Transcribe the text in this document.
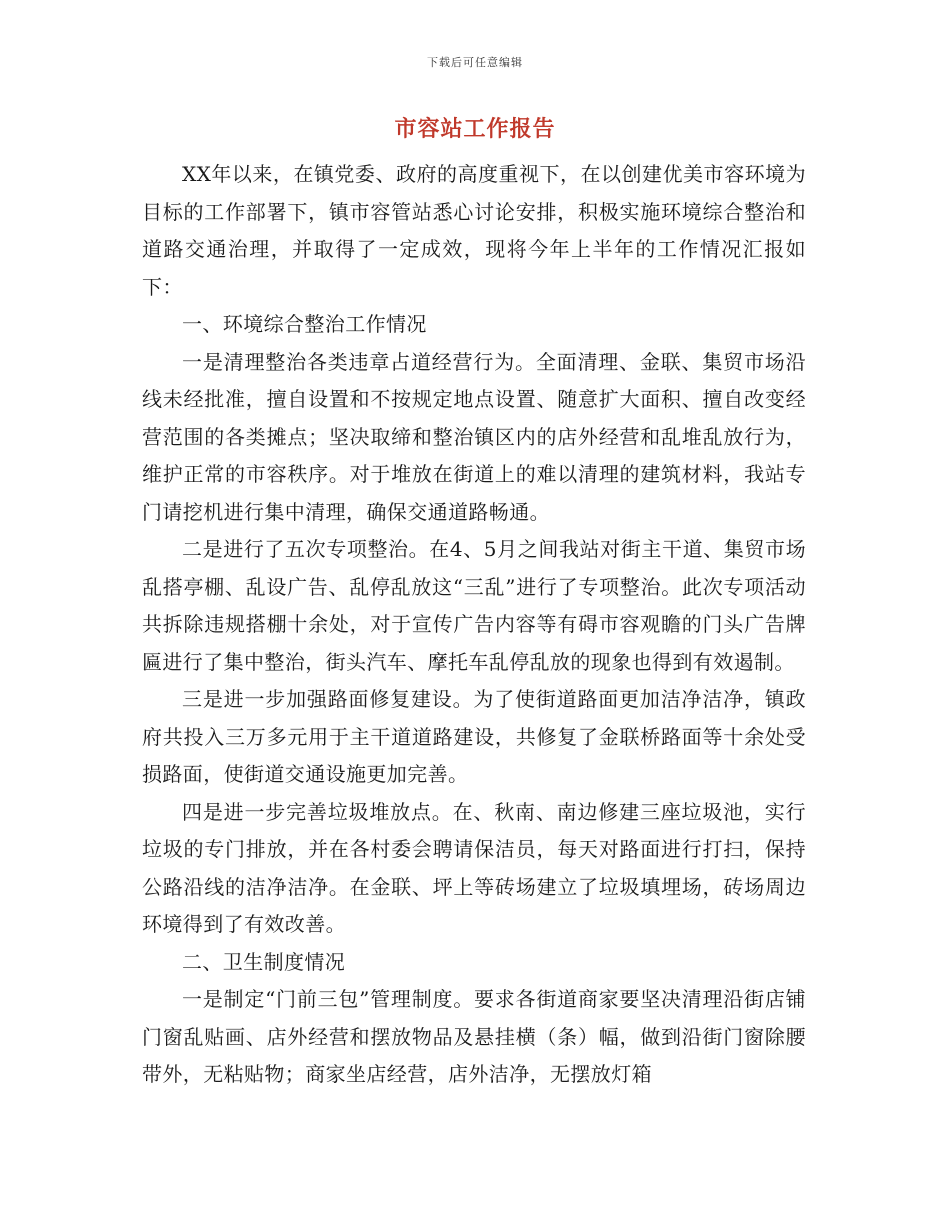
下载后可任意编辑
市容站工作报告

XX年以来，在镇党委、政府的高度重视下，在以创建优美市容环境为目标的工作部署下，镇市容管站悉心讨论安排，积极实施环境综合整治和道路交通治理，并取得了一定成效，现将今年上半年的工作情况汇报如下：

一、环境综合整治工作情况

一是清理整治各类违章占道经营行为。全面清理、金联、集贸市场沿线未经批准，擅自设置和不按规定地点设置、随意扩大面积、擅自改变经营范围的各类摊点；坚决取缔和整治镇区内的店外经营和乱堆乱放行为，维护正常的市容秩序。对于堆放在街道上的难以清理的建筑材料，我站专门请挖机进行集中清理，确保交通道路畅通。

二是进行了五次专项整治。在4、5月之间我站对街主干道、集贸市场乱搭亭棚、乱设广告、乱停乱放这“三乱”进行了专项整治。此次专项活动共拆除违规搭棚十余处，对于宣传广告内容等有碍市容观瞻的门头广告牌匾进行了集中整治，街头汽车、摩托车乱停乱放的现象也得到有效遏制。

三是进一步加强路面修复建设。为了使街道路面更加洁净洁净，镇政府共投入三万多元用于主干道道路建设，共修复了金联桥路面等十余处受损路面，使街道交通设施更加完善。

四是进一步完善垃圾堆放点。在、秋南、南边修建三座垃圾池，实行垃圾的专门排放，并在各村委会聘请保洁员，每天对路面进行打扫，保持公路沿线的洁净洁净。在金联、坪上等砖场建立了垃圾填埋场，砖场周边环境得到了有效改善。

二、卫生制度情况

一是制定“门前三包”管理制度。要求各街道商家要坚决清理沿街店铺门窗乱贴画、店外经营和摆放物品及悬挂横（条）幅，做到沿街门窗除腰带外，无粘贴物；商家坐店经营，店外洁净，无摆放灯箱
